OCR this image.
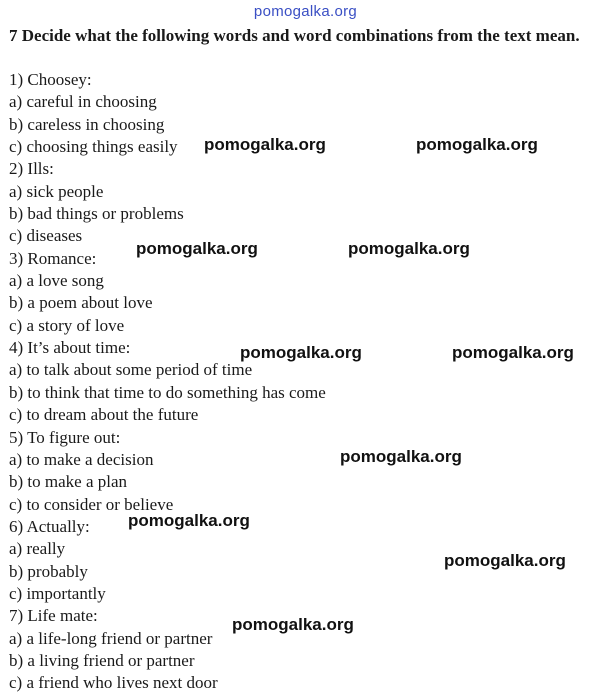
pomogalka.org

7 Decide what the following words and word combinations from the text mean.

1) Choosey:
a) careful in choosing
b) careless in choosing
c) choosing things easily
2) Ills:
a) sick people
b) bad things or problems
c) diseases
3) Romance:
a) a love song
b) a poem about love
c) a story of love
4) It’s about time:
a) to talk about some period of time
b) to think that time to do something has come
c) to dream about the future
5) To figure out:
a) to make a decision
b) to make a plan
c) to consider or believe
6) Actually:
a) really
b) probably
c) importantly
7) Life mate:
a) a life-long friend or partner
b) a living friend or partner
c) a friend who lives next door
pomogalka.org	pomogalka.org
pomogalka.org	pomogalka.org
pomogalka.org	pomogalka.org
pomogalka.org
pomogalka.org
pomogalka.org
pomogalka.org
